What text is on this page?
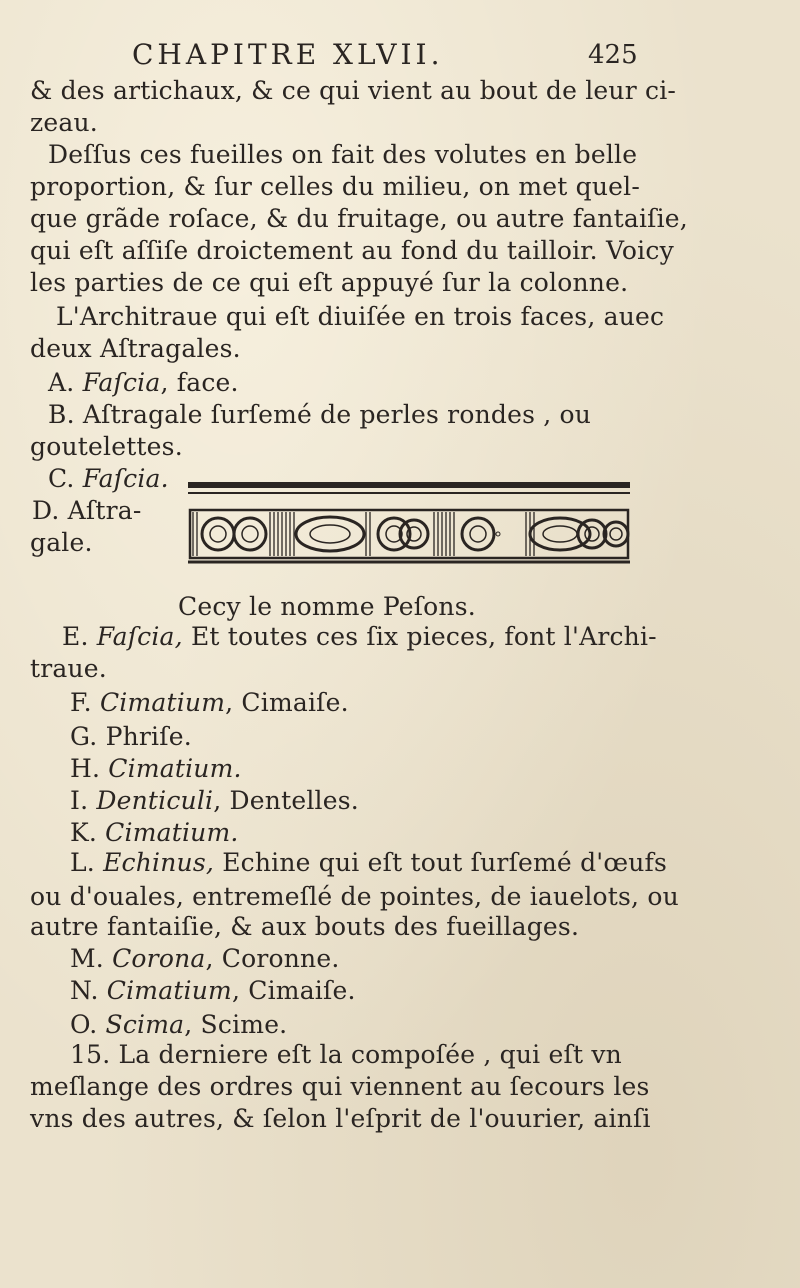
CHAPITRE XLVII.	425
& des artichaux, & ce qui vient au bout de leur ci-
zeau.
Deſſus ces fueilles on fait des volutes en belle
proportion, & ſur celles du milieu, on met quel-
que grãde roſace, & du fruitage, ou autre fantaiſie,
qui eſt aſſiſe droictement au fond du tailloir. Voicy
les parties de ce qui eſt appuyé ſur la colonne.
L'Architraue qui eſt diuiſée en trois faces, auec
deux Aſtragales.
A. Faſcia, face.
B. Aſtragale ſurſemé de perles rondes , ou
goutelettes.
C. Faſcia.
D. Aſtra-
gale.
Cecy le nomme Peſons.
E. Faſcia, Et toutes ces ſix pieces, font l'Archi-
traue.
F. Cimatium, Cimaiſe.
G. Phriſe.
H. Cimatium.
I. Denticuli, Dentelles.
K. Cimatium.
L. Echinus, Echine qui eſt tout ſurſemé d'œufs
ou d'ouales, entremeſlé de pointes, de iauelots, ou
autre fantaiſie, & aux bouts des fueillages.
M. Corona, Coronne.
N. Cimatium, Cimaiſe.
O. Scima, Scime.
15. La derniere eſt la compoſée , qui eſt vn
meſlange des ordres qui viennent au ſecours les
vns des autres, & ſelon l'eſprit de l'ouurier, ainſi
